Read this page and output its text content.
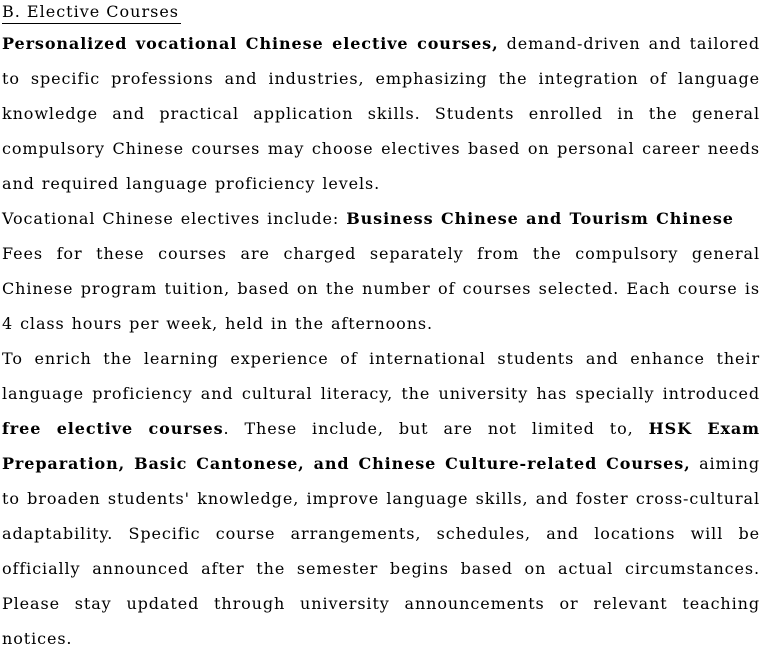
B. Elective Courses

Personalized vocational Chinese elective courses, demand-driven and tailored to specific professions and industries, emphasizing the integration of language knowledge and practical application skills. Students enrolled in the general compulsory Chinese courses may choose electives based on personal career needs and required language proficiency levels.

Vocational Chinese electives include: Business Chinese and Tourism Chinese

Fees for these courses are charged separately from the compulsory general Chinese program tuition, based on the number of courses selected. Each course is 4 class hours per week, held in the afternoons.

To enrich the learning experience of international students and enhance their language proficiency and cultural literacy, the university has specially introduced free elective courses. These include, but are not limited to, HSK Exam Preparation, Basic Cantonese, and Chinese Culture-related Courses, aiming to broaden students' knowledge, improve language skills, and foster cross-cultural adaptability. Specific course arrangements, schedules, and locations will be officially announced after the semester begins based on actual circumstances. Please stay updated through university announcements or relevant teaching notices.
